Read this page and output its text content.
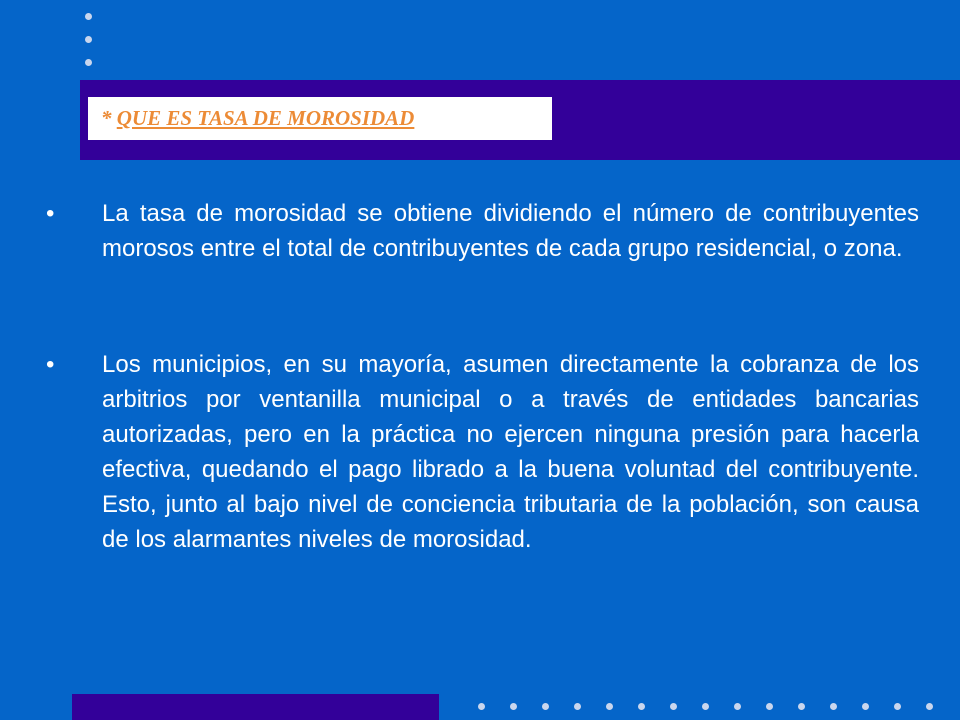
* QUE ES TASA DE MOROSIDAD
• La tasa de morosidad se obtiene dividiendo el número de contribuyentes morosos entre el total de contribuyentes de cada grupo residencial, o zona.

• Los municipios, en su mayoría, asumen directamente la cobranza de los arbitrios por ventanilla municipal o a través de entidades bancarias autorizadas, pero en la práctica no ejercen ninguna presión para hacerla efectiva, quedando el pago librado a la buena voluntad del contribuyente. Esto, junto al bajo nivel de conciencia tributaria de la población, son causa de los alarmantes niveles de morosidad.
